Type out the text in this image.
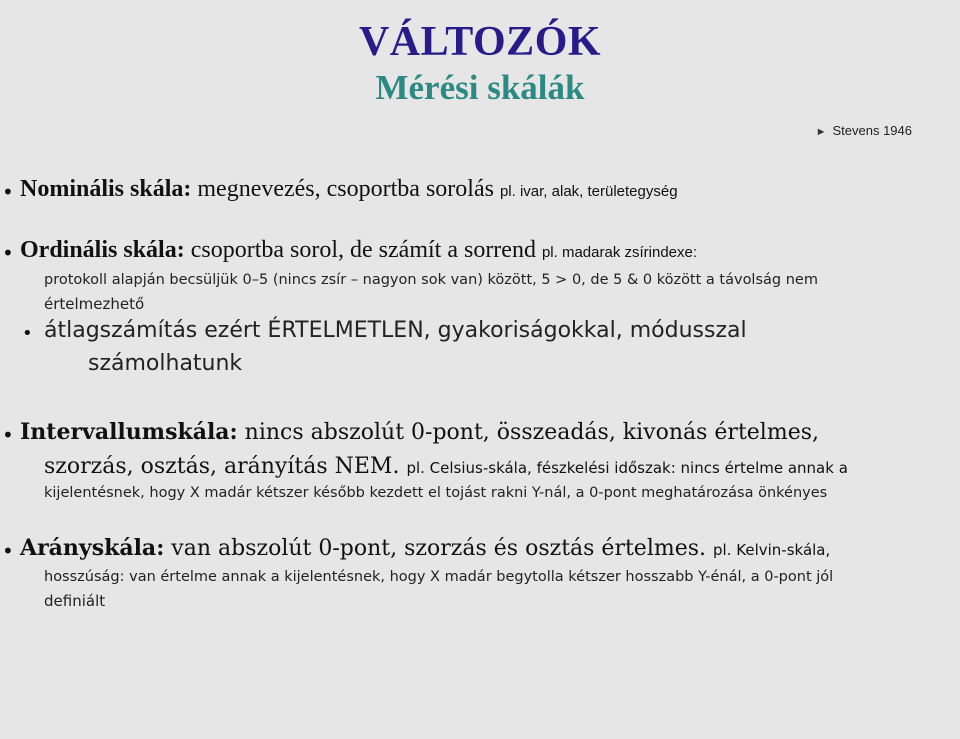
VÁLTOZÓK
Mérési skálák
► Stevens 1946
• Nominális skála: megnevezés, csoportba sorolás pl. ivar, alak, területegység
• Ordinális skála: csoportba sorol, de számít a sorrend pl. madarak zsírindexe:
protokoll alapján becsüljük 0–5 (nincs zsír – nagyon sok van) között, 5 > 0, de 5 & 0 között a távolság nem
értelmezhető
• átlagszámítás ezért ÉRTELMETLEN, gyakoriságokkal, módusszal
számolhatunk
• Intervallumskála: nincs abszolút 0-pont, összeadás, kivonás értelmes,
szorzás, osztás, arányítás NEM. pl. Celsius-skála, fészkelési időszak: nincs értelme annak a
kijelentésnek, hogy X madár kétszer később kezdett el tojást rakni Y-nál, a 0-pont meghatározása önkényes
• Arányskála: van abszolút 0-pont, szorzás és osztás értelmes. pl. Kelvin-skála,
hosszúság: van értelme annak a kijelentésnek, hogy X madár begytolla kétszer hosszabb Y-énál, a 0-pont jól
definiált
